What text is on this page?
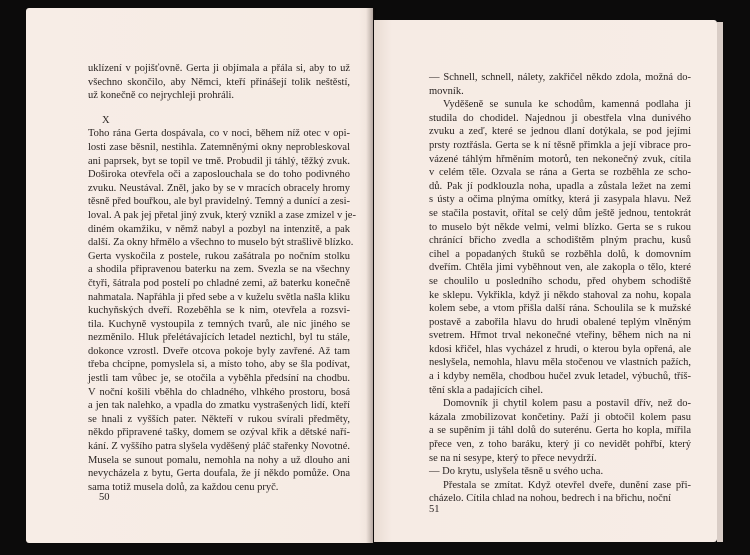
uklízení v pojišťovně. Gerta ji objímala a přála si, aby to už
všechno skončilo, aby Němci, kteří přinášejí tolik neštěstí,
už konečně co nejrychleji prohráli.
X
Toho rána Gerta dospávala, co v noci, během níž otec v opi-
losti zase běsnil, nestihla. Zatemněnými okny neprobleskoval
ani paprsek, byt se topil ve tmě. Probudil ji táhlý, těžký zvuk.
Doširoka otevřela oči a zaposlouchala se do toho podivného
zvuku. Neustával. Zněl, jako by se v mracích obracely hromy
těsně před bouřkou, ale byl pravidelný. Temný a dunící a zesi-
loval. A pak jej přetal jiný zvuk, který vznikl a zase zmizel v je-
diném okamžiku, v němž nabyl a pozbyl na intenzitě, a pak
další. Za okny hřmělo a všechno to muselo být strašlivě blízko.
Gerta vyskočila z postele, rukou zašátrala po nočním stolku
a shodila připravenou baterku na zem. Svezla se na všechny
čtyři, šátrala pod postelí po chladné zemi, až baterku konečně
nahmatala. Napřáhla ji před sebe a v kuželu světla našla kliku
kuchyňských dveří. Rozeběhla se k nim, otevřela a rozsvi-
tila. Kuchyně vystoupila z temných tvarů, ale nic jiného se
nezměnilo. Hluk přelétávajících letadel neztichl, byl tu stále,
dokonce vzrostl. Dveře otcova pokoje byly zavřené. Až tam
třeba chcípne, pomyslela si, a místo toho, aby se šla podívat,
jestli tam vůbec je, se otočila a vyběhla předsíní na chodbu.
V noční košili vběhla do chladného, vlhkého prostoru, bosá
a jen tak nalehko, a vpadla do zmatku vystrašených lidí, kteří
se hnali z vyšších pater. Někteří v rukou svírali předměty,
někdo připravené tašky, domem se ozýval křik a dětské naří-
kání. Z vyššího patra slyšela vyděšený pláč stařenky Novotné.
Musela se sunout pomalu, nemohla na nohy a už dlouho ani
nevycházela z bytu, Gerta doufala, že jí někdo pomůže. Ona
sama totiž musela dolů, za každou cenu pryč.
50
— Schnell, schnell, nálety, zakřičel někdo zdola, možná do-
movník.
Vyděšeně se sunula ke schodům, kamenná podlaha ji
studila do chodidel. Najednou ji obestřela vlna dunivého
zvuku a zeď, které se jednou dlaní dotýkala, se pod jejími
prsty roztřásla. Gerta se k ní těsně přimkla a její vibrace pro-
vázené táhlým hřměním motorů, ten nekonečný zvuk, cítila
v celém těle. Ozvala se rána a Gerta se rozběhla ze scho-
dů. Pak jí podklouzla noha, upadla a zůstala ležet na zemi
s ústy a očima plnýma omítky, která ji zasypala hlavu. Než
se stačila postavit, ořítal se celý dům ještě jednou, tentokrát
to muselo být někde velmi, velmi blízko. Gerta se s rukou
chránící břicho zvedla a schodištěm plným prachu, kusů
cihel a popadaných štuků se rozběhla dolů, k domovním
dveřím. Chtěla jimi vyběhnout ven, ale zakopla o tělo, které
se choulilo u posledního schodu, před ohybem schodiště
ke sklepu. Vykřikla, když ji někdo stahoval za nohu, kopala
kolem sebe, a vtom přišla další rána. Schoulila se k mužské
postavě a zabořila hlavu do hrudi obalené teplým vlněným
svetrem. Hřmot trval nekonečné vteřiny, během nich na ni
kdosi křičel, hlas vycházel z hrudi, o kterou byla opřená, ale
neslyšela, nemohla, hlavu měla stočenou ve vlastních pažích,
a i kdyby neměla, chodbou hučel zvuk letadel, výbuchů, tříš-
tění skla a padajících cihel.
Domovník ji chytil kolem pasu a postavil dřív, než do-
kázala zmobilizovat končetiny. Paží ji obtočil kolem pasu
a se supěním ji táhl dolů do suterénu. Gerta ho kopla, mířila
přece ven, z toho baráku, který ji co nevidět pohřbí, který
se na ni sesype, který to přece nevydrží.
— Do krytu, uslyšela těsně u svého ucha.
Přestala se zmítat. Když otevřel dveře, dunění zase při-
cházelo. Cítila chlad na nohou, bedrech i na břichu, noční
51
